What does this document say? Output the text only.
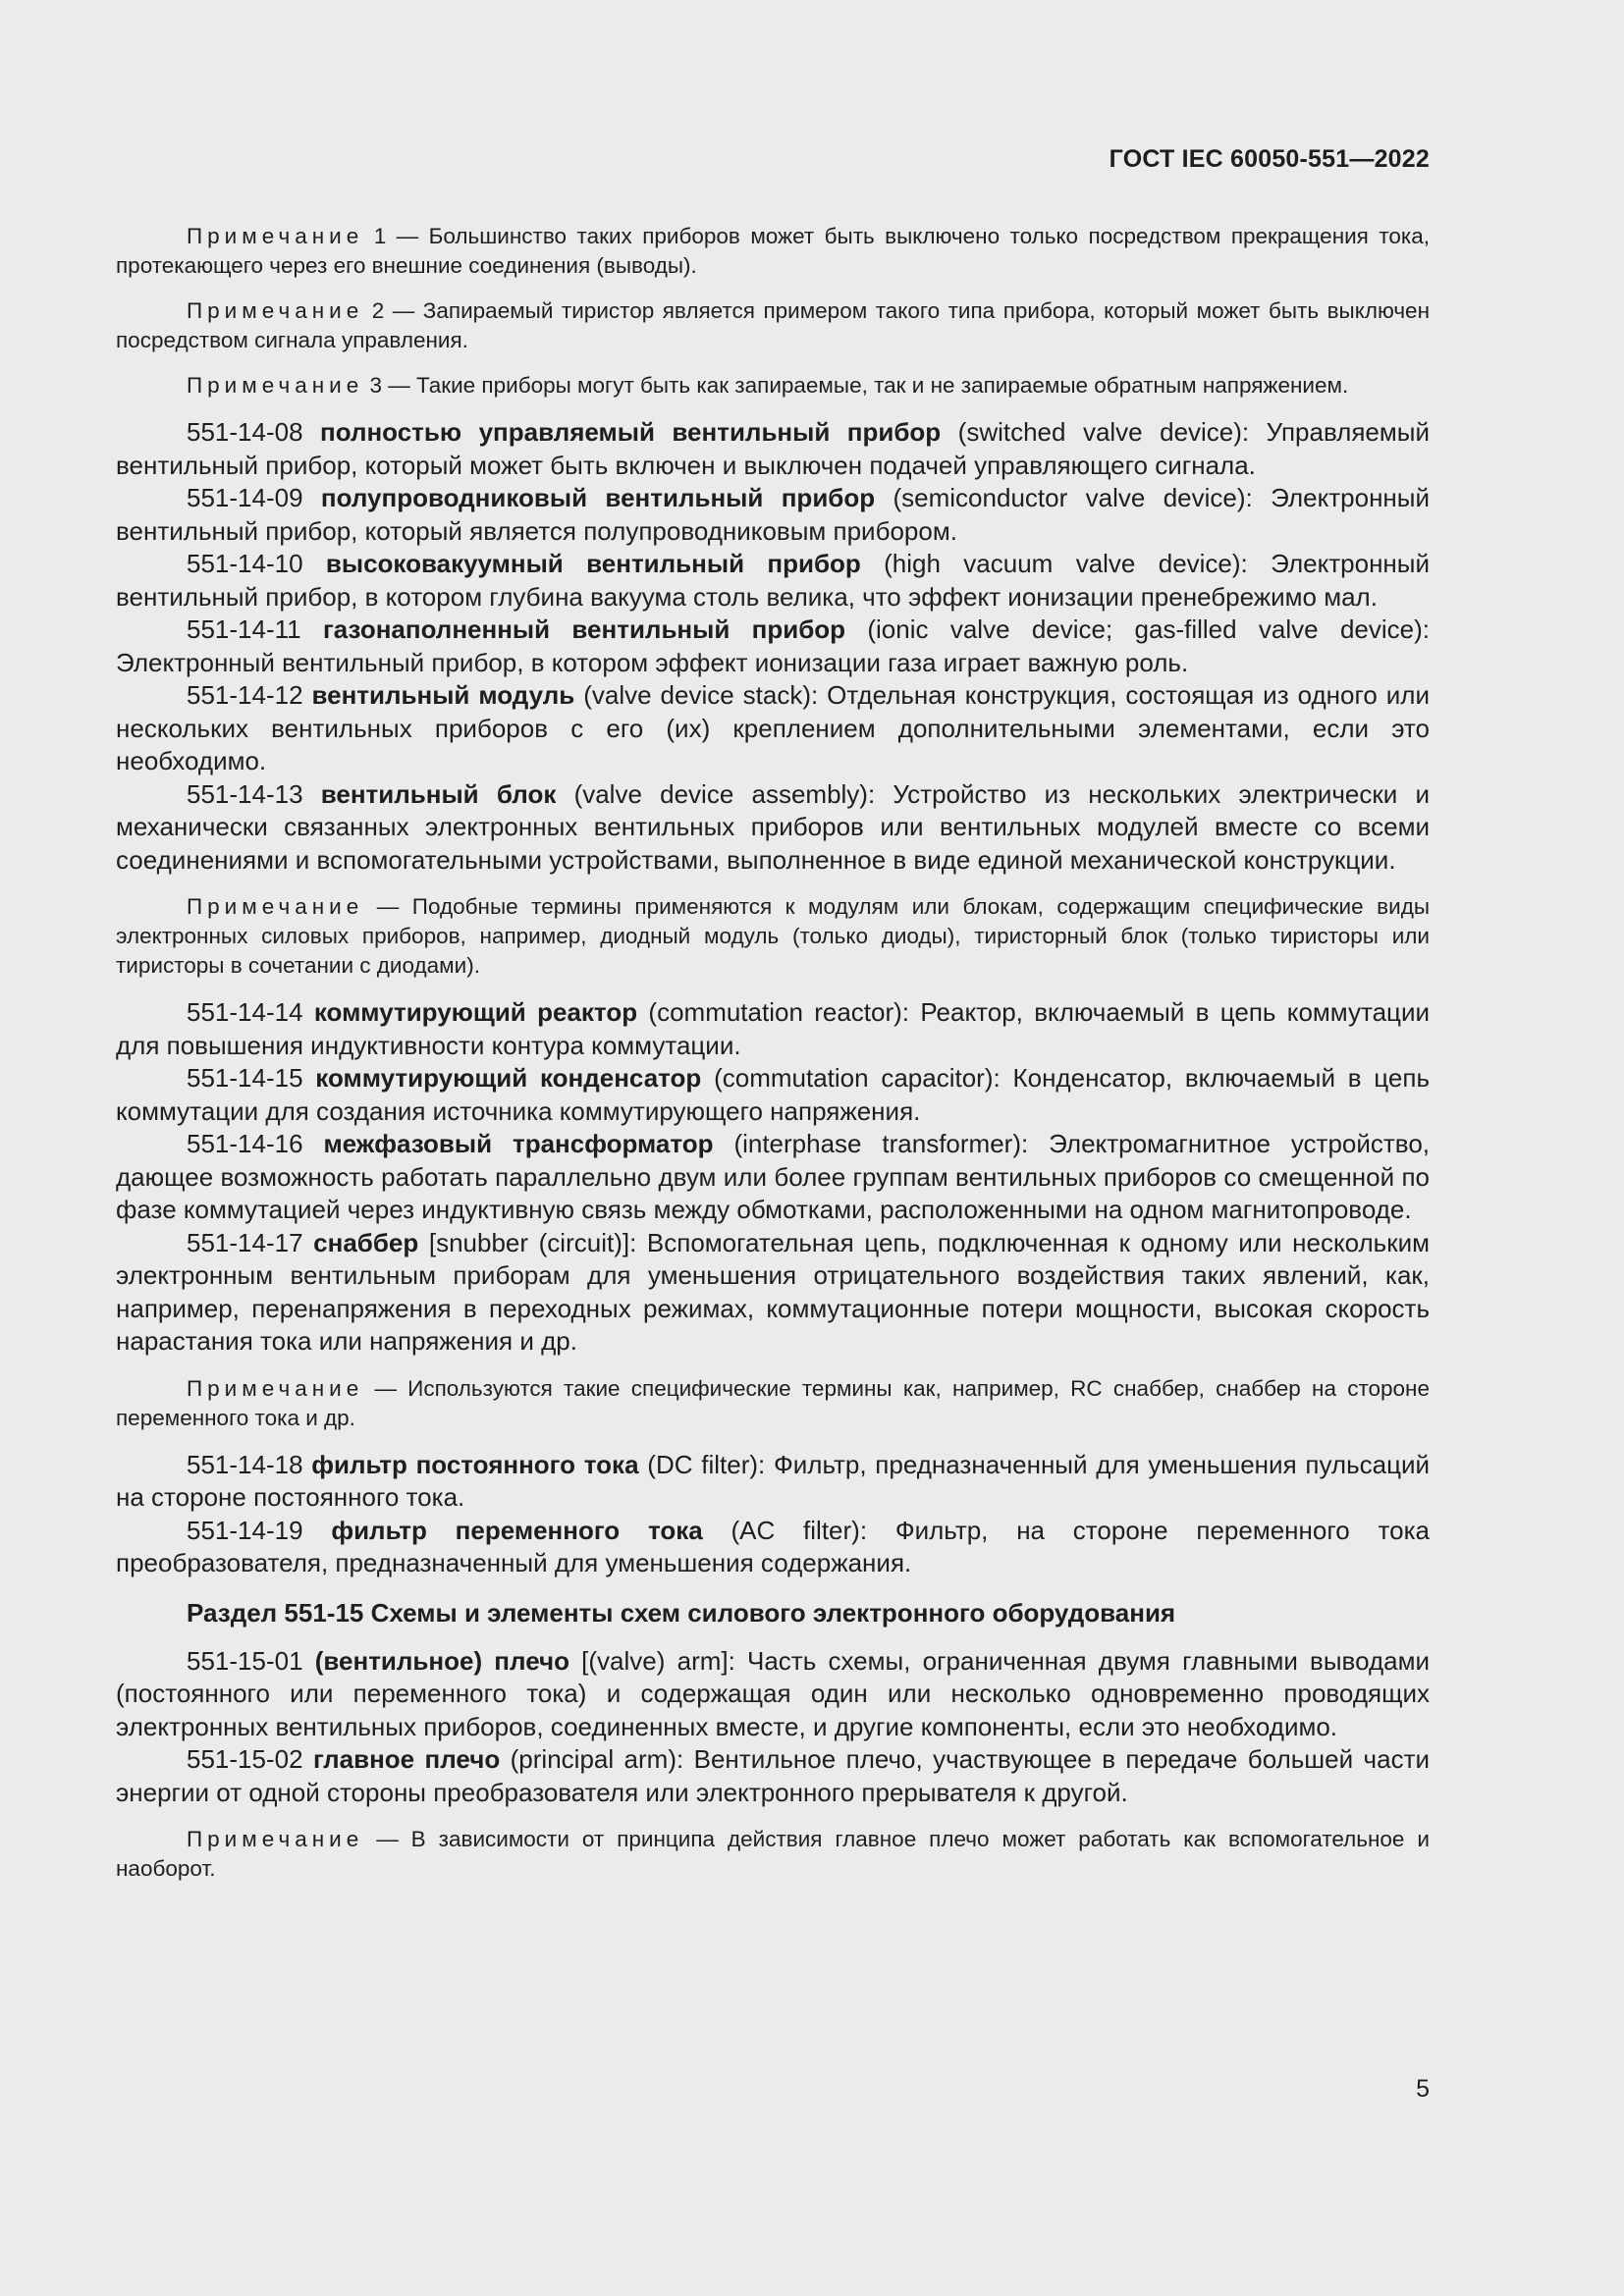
ГОСТ IEC 60050-551—2022

Примечание 1 — Большинство таких приборов может быть выключено только посредством прекращения тока, протекающего через его внешние соединения (выводы).

Примечание 2 — Запираемый тиристор является примером такого типа прибора, который может быть выключен посредством сигнала управления.

Примечание 3 — Такие приборы могут быть как запираемые, так и не запираемые обратным напряжением.

551-14-08 полностью управляемый вентильный прибор (switched valve device): Управляемый вентильный прибор, который может быть включен и выключен подачей управляющего сигнала.

551-14-09 полупроводниковый вентильный прибор (semiconductor valve device): Электронный вентильный прибор, который является полупроводниковым прибором.

551-14-10 высоковакуумный вентильный прибор (high vacuum valve device): Электронный вентильный прибор, в котором глубина вакуума столь велика, что эффект ионизации пренебрежимо мал.

551-14-11 газонаполненный вентильный прибор (ionic valve device; gas-filled valve device): Электронный вентильный прибор, в котором эффект ионизации газа играет важную роль.

551-14-12 вентильный модуль (valve device stack): Отдельная конструкция, состоящая из одного или нескольких вентильных приборов с его (их) креплением дополнительными элементами, если это необходимо.

551-14-13 вентильный блок (valve device assembly): Устройство из нескольких электрически и механически связанных электронных вентильных приборов или вентильных модулей вместе со всеми соединениями и вспомогательными устройствами, выполненное в виде единой механической конструкции.

Примечание — Подобные термины применяются к модулям или блокам, содержащим специфические виды электронных силовых приборов, например, диодный модуль (только диоды), тиристорный блок (только тиристоры или тиристоры в сочетании с диодами).

551-14-14 коммутирующий реактор (commutation reactor): Реактор, включаемый в цепь коммутации для повышения индуктивности контура коммутации.

551-14-15 коммутирующий конденсатор (commutation capacitor): Конденсатор, включаемый в цепь коммутации для создания источника коммутирующего напряжения.

551-14-16 межфазовый трансформатор (interphase transformer): Электромагнитное устройство, дающее возможность работать параллельно двум или более группам вентильных приборов со смещенной по фазе коммутацией через индуктивную связь между обмотками, расположенными на одном магнитопроводе.

551-14-17 снаббер [snubber (circuit)]: Вспомогательная цепь, подключенная к одному или нескольким электронным вентильным приборам для уменьшения отрицательного воздействия таких явлений, как, например, перенапряжения в переходных режимах, коммутационные потери мощности, высокая скорость нарастания тока или напряжения и др.

Примечание — Используются такие специфические термины как, например, RC снаббер, снаббер на стороне переменного тока и др.

551-14-18 фильтр постоянного тока (DC filter): Фильтр, предназначенный для уменьшения пульсаций на стороне постоянного тока.

551-14-19 фильтр переменного тока (AC filter): Фильтр, на стороне переменного тока преобразователя, предназначенный для уменьшения содержания.

Раздел 551-15 Схемы и элементы схем силового электронного оборудования

551-15-01 (вентильное) плечо [(valve) arm]: Часть схемы, ограниченная двумя главными выводами (постоянного или переменного тока) и содержащая один или несколько одновременно проводящих электронных вентильных приборов, соединенных вместе, и другие компоненты, если это необходимо.

551-15-02 главное плечо (principal arm): Вентильное плечо, участвующее в передаче большей части энергии от одной стороны преобразователя или электронного прерывателя к другой.

Примечание — В зависимости от принципа действия главное плечо может работать как вспомогательное и наоборот.

5
